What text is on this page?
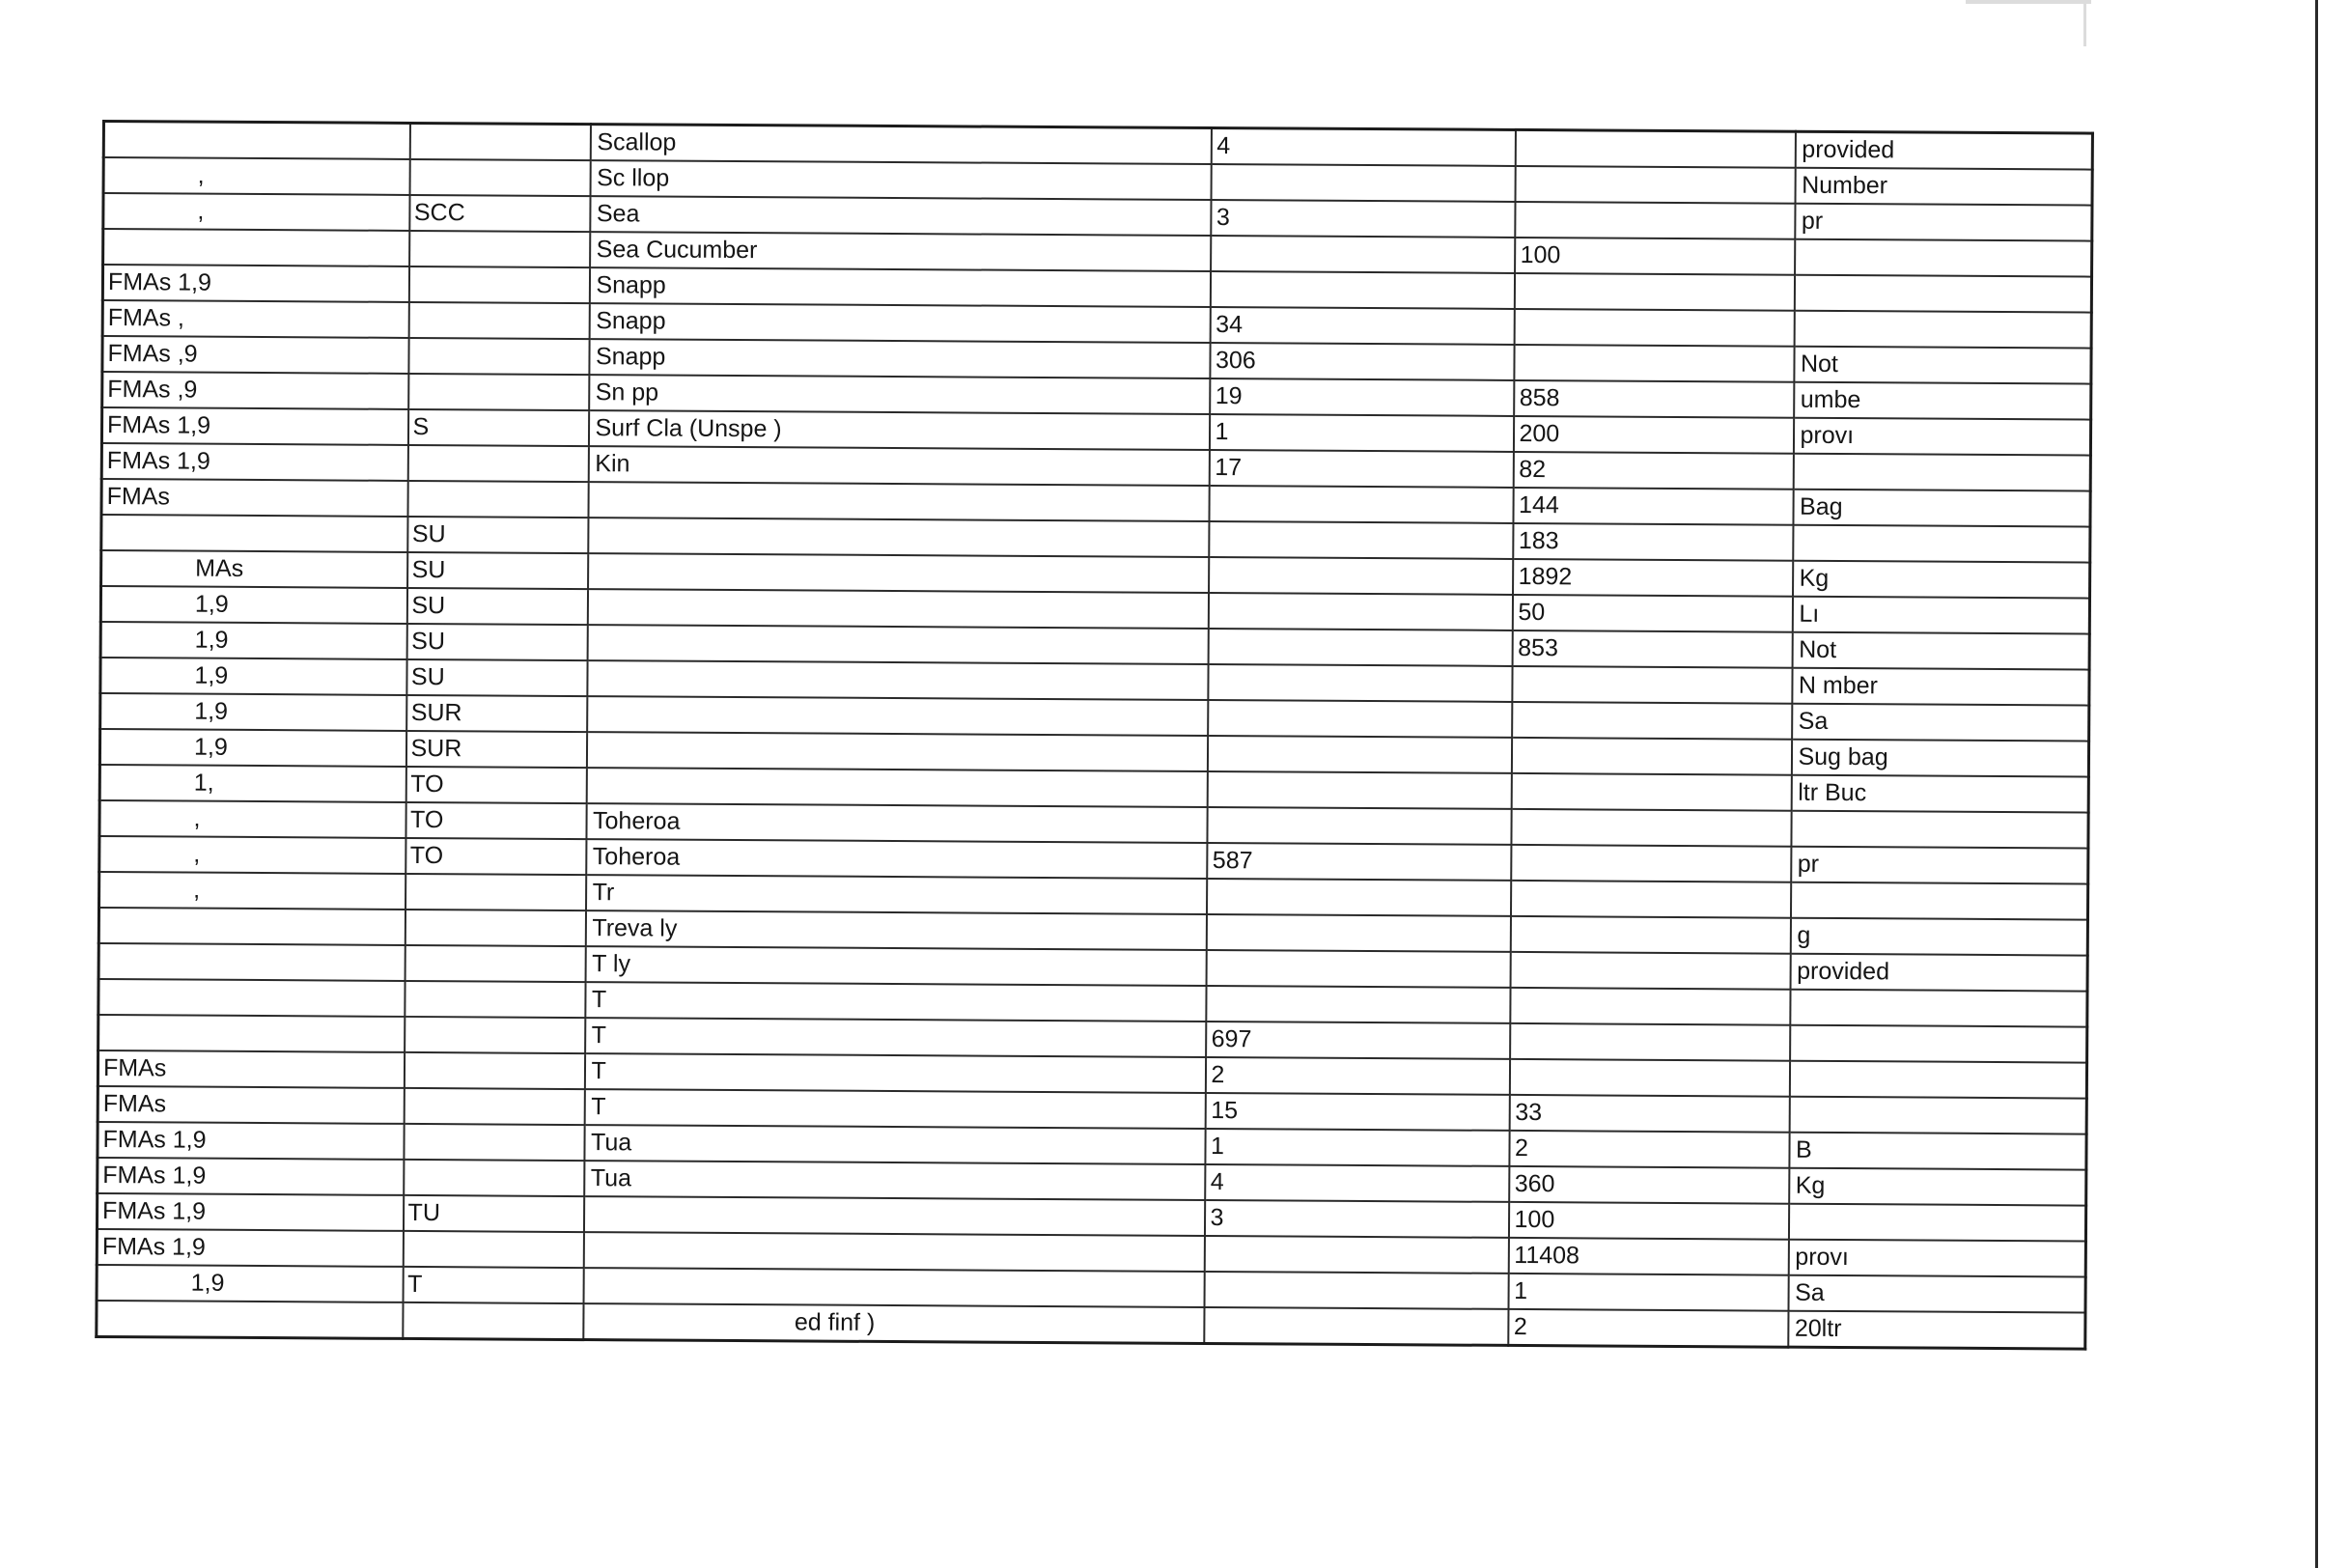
		Scallop	4		provided
,		Sc llop			Number
,	SCC	Sea	3		pr
		Sea Cucumber		100	
FMAs 1,9		Snapp			
FMAs ,		Snapp	34		
FMAs ,9		Snapp	306		Not
FMAs ,9		Sn pp	19	858	umbe
FMAs 1,9	S	Surf Cla (Unspe )	1	200	provı
FMAs 1,9		Kin	17	82	
FMAs				144	Bag
	SU			183	
MAs	SU			1892	Kg
1,9	SU			50	Lı
1,9	SU			853	Not
1,9	SU				N mber
1,9	SUR				Sa
1,9	SUR				Sug bag
1,	TO				ltr Buc
,	TO	Toheroa			
,	TO	Toheroa	587		pr
,		Tr			
		Treva ly			g
		T ly			provided
		T			
		T	697		
FMAs		T	2		
FMAs		T	15	33	
FMAs 1,9		Tua	1	2	B
FMAs 1,9		Tua	4	360	Kg
FMAs 1,9	TU		3	100	
FMAs 1,9				11408	provı
1,9	T			1	Sa
		ed finf )		2	20ltr
